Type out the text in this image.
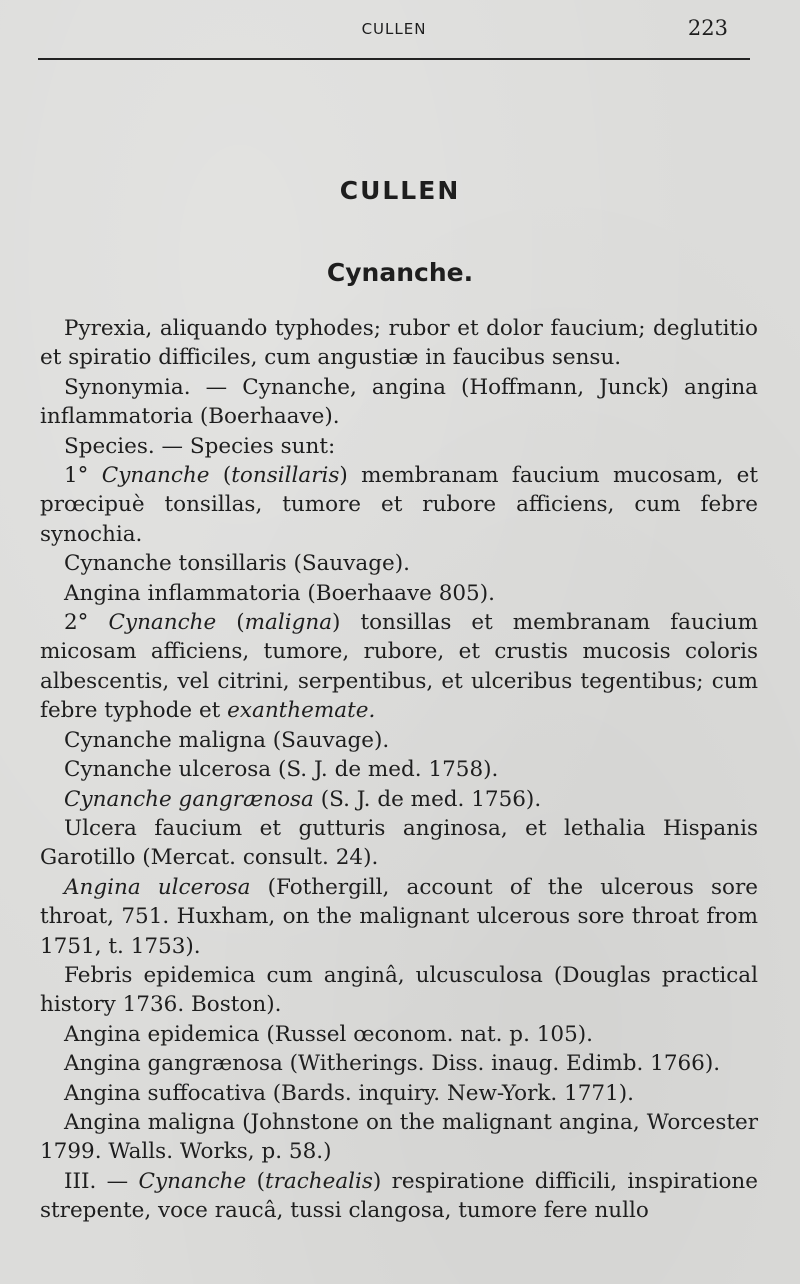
CULLEN	223
CULLEN
Cynanche.

Pyrexia, aliquando typhodes; rubor et dolor faucium; deglutitio et spiratio difficiles, cum angustiæ in faucibus sensu.

Synonymia. — Cynanche, angina (Hoffmann, Junck) angina inflammatoria (Boerhaave).

Species. — Species sunt:

1° Cynanche (tonsillaris) membranam faucium mucosam, et prœcipuè tonsillas, tumore et rubore afficiens, cum febre synochia.

Cynanche tonsillaris (Sauvage).

Angina inflammatoria (Boerhaave 805).

2° Cynanche (maligna) tonsillas et membranam faucium micosam afficiens, tumore, rubore, et crustis mucosis coloris albescentis, vel citrini, serpentibus, et ulceribus tegentibus; cum febre typhode et exanthemate.

Cynanche maligna (Sauvage).

Cynanche ulcerosa (S. J. de med. 1758).

Cynanche gangrænosa (S. J. de med. 1756).

Ulcera faucium et gutturis anginosa, et lethalia Hispanis Garotillo (Mercat. consult. 24).

Angina ulcerosa (Fothergill, account of the ulcerous sore throat, 751. Huxham, on the malignant ulcerous sore throat from 1751, t. 1753).

Febris epidemica cum anginâ, ulcusculosa (Douglas practical history 1736. Boston).

Angina epidemica (Russel œconom. nat. p. 105).

Angina gangrænosa (Witherings. Diss. inaug. Edimb. 1766).

Angina suffocativa (Bards. inquiry. New-York. 1771).

Angina maligna (Johnstone on the malignant angina, Worcester 1799. Walls. Works, p. 58.)

III. — Cynanche (trachealis) respiratione difficili, inspiratione strepente, voce raucâ, tussi clangosa, tumore fere nullo
